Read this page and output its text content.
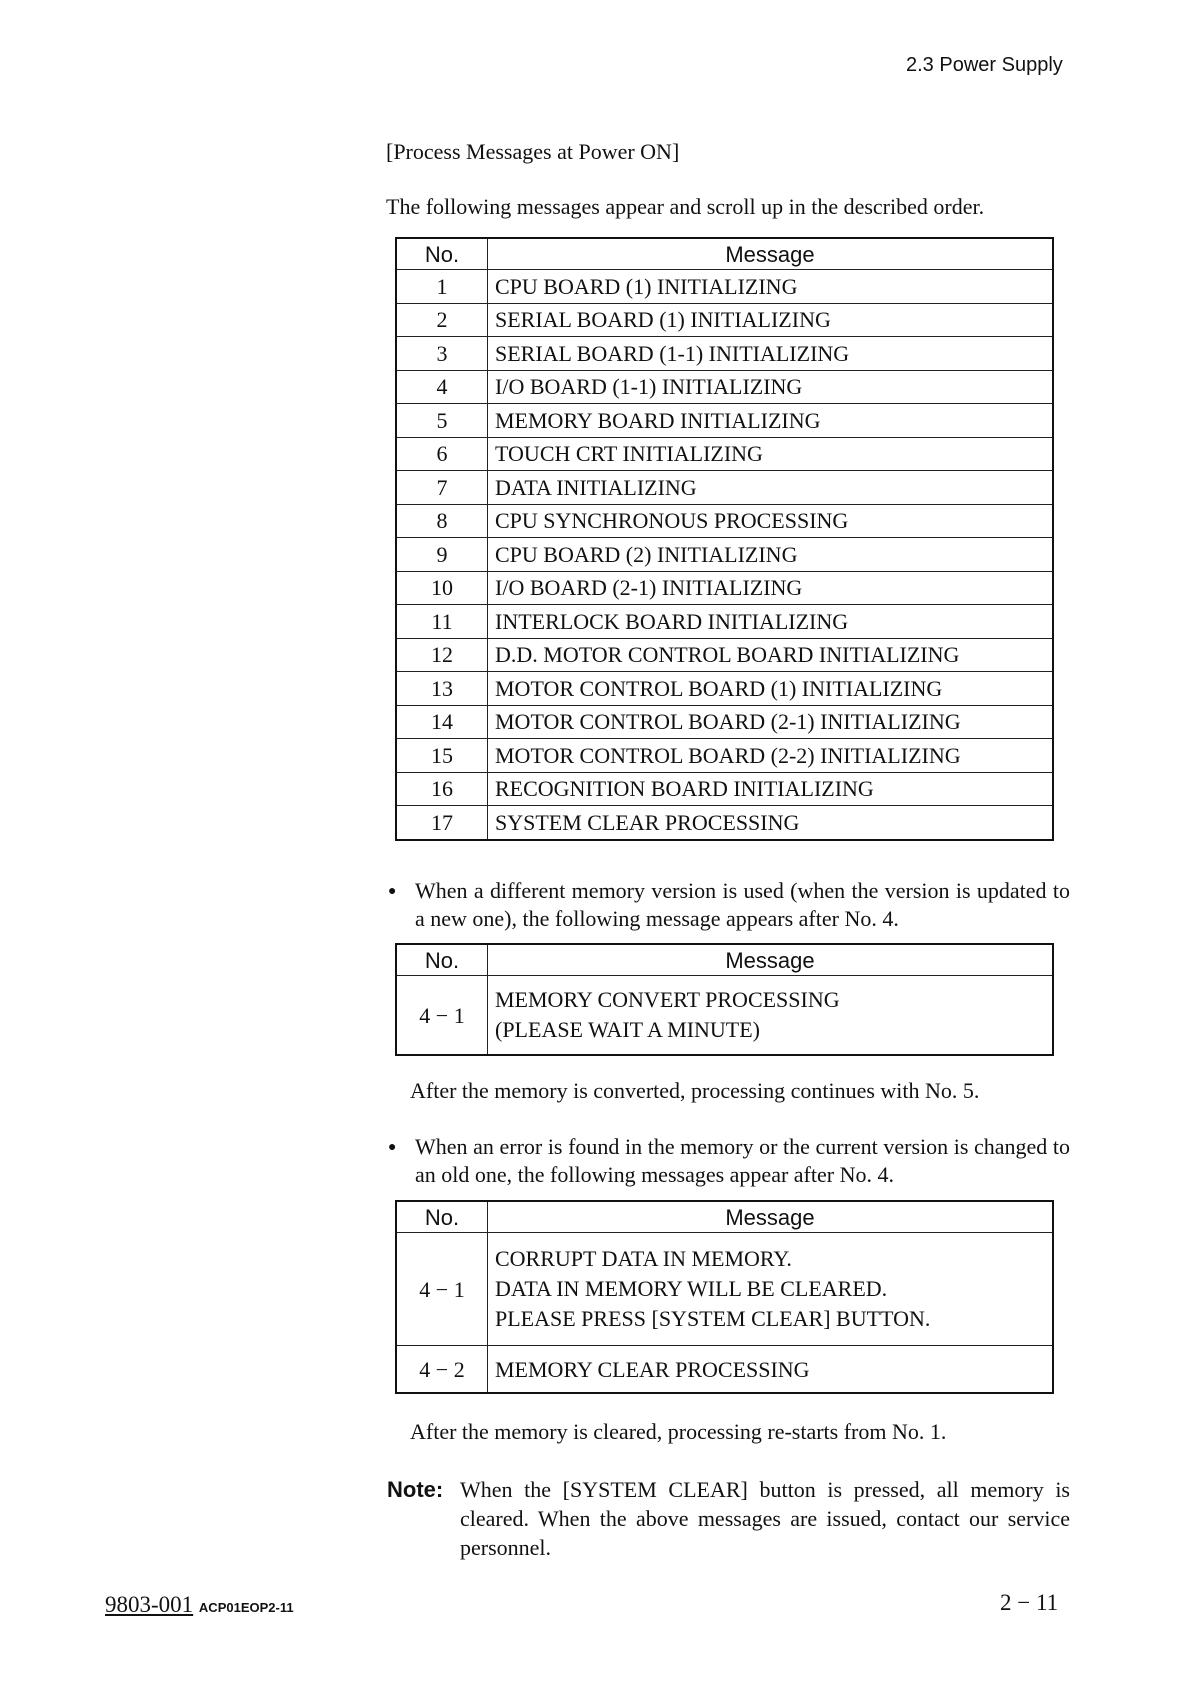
2.3 Power Supply
[Process Messages at Power ON]
The following messages appear and scroll up in the described order.
No.	Message
1	CPU BOARD (1) INITIALIZING
2	SERIAL BOARD (1) INITIALIZING
3	SERIAL BOARD (1-1) INITIALIZING
4	I/O BOARD (1-1) INITIALIZING
5	MEMORY BOARD INITIALIZING
6	TOUCH CRT INITIALIZING
7	DATA INITIALIZING
8	CPU SYNCHRONOUS PROCESSING
9	CPU BOARD (2) INITIALIZING
10	I/O BOARD (2-1) INITIALIZING
11	INTERLOCK BOARD INITIALIZING
12	D.D. MOTOR CONTROL BOARD INITIALIZING
13	MOTOR CONTROL BOARD (1) INITIALIZING
14	MOTOR CONTROL BOARD (2-1) INITIALIZING
15	MOTOR CONTROL BOARD (2-2) INITIALIZING
16	RECOGNITION BOARD INITIALIZING
17	SYSTEM CLEAR PROCESSING
● When a different memory version is used (when the version is updated to a new one), the following message appears after No. 4.
No.	Message
4 − 1	MEMORY CONVERT PROCESSING
(PLEASE WAIT A MINUTE)
After the memory is converted, processing continues with No. 5.
● When an error is found in the memory or the current version is changed to an old one, the following messages appear after No. 4.
No.	Message
4 − 1	CORRUPT DATA IN MEMORY.
DATA IN MEMORY WILL BE CLEARED.
PLEASE PRESS [SYSTEM CLEAR] BUTTON.

4 − 2	MEMORY CLEAR PROCESSING
After the memory is cleared, processing re-starts from No. 1.
Note: When the [SYSTEM CLEAR] button is pressed, all memory is cleared. When the above messages are issued, contact our service personnel.
9803-001 ACP01EOP2-11	2 − 11
